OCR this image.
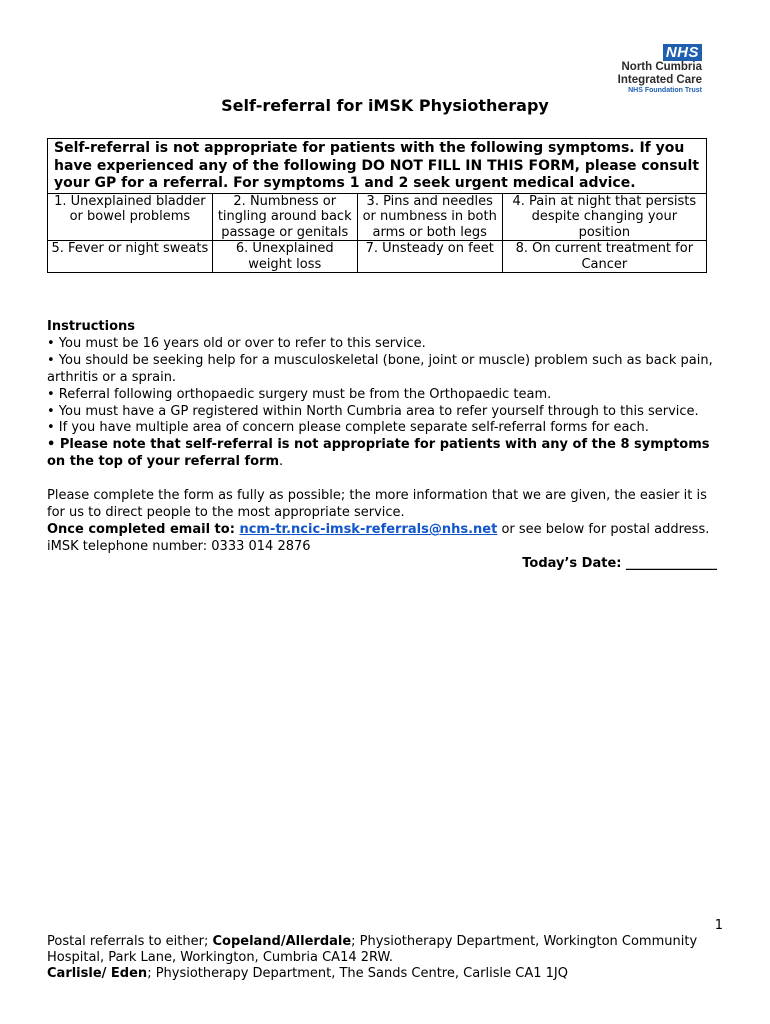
NHS
North Cumbria
Integrated Care
NHS Foundation Trust
Self-referral for iMSK Physiotherapy
Self-referral is not appropriate for patients with the following symptoms. If you have experienced any of the following DO NOT FILL IN THIS FORM, please consult your GP for a referral. For symptoms 1 and 2 seek urgent medical advice.			
1. Unexplained bladder or bowel problems	2. Numbness or tingling around back passage or genitals	3. Pins and needles or numbness in both arms or both legs	4. Pain at night that persists despite changing your position
5. Fever or night sweats	6. Unexplained weight loss	7. Unsteady on feet	8. On current treatment for Cancer

Instructions

• You must be 16 years old or over to refer to this service.

• You should be seeking help for a musculoskeletal (bone, joint or muscle) problem such as back pain, arthritis or a sprain.

• Referral following orthopaedic surgery must be from the Orthopaedic team.

• You must have a GP registered within North Cumbria area to refer yourself through to this service.

• If you have multiple area of concern please complete separate self-referral forms for each.

• Please note that self-referral is not appropriate for patients with any of the 8 symptoms on the top of your referral form.

Please complete the form as fully as possible; the more information that we are given, the easier it is for us to direct people to the most appropriate service.

Once completed email to: ncm-tr.ncic-imsk-referrals@nhs.net or see below for postal address.

iMSK telephone number: 0333 014 2876

Today’s Date: ______________

1

Postal referrals to either; Copeland/Allerdale; Physiotherapy Department, Workington Community Hospital, Park Lane, Workington, Cumbria CA14 2RW.

Carlisle/ Eden; Physiotherapy Department, The Sands Centre, Carlisle CA1 1JQ
